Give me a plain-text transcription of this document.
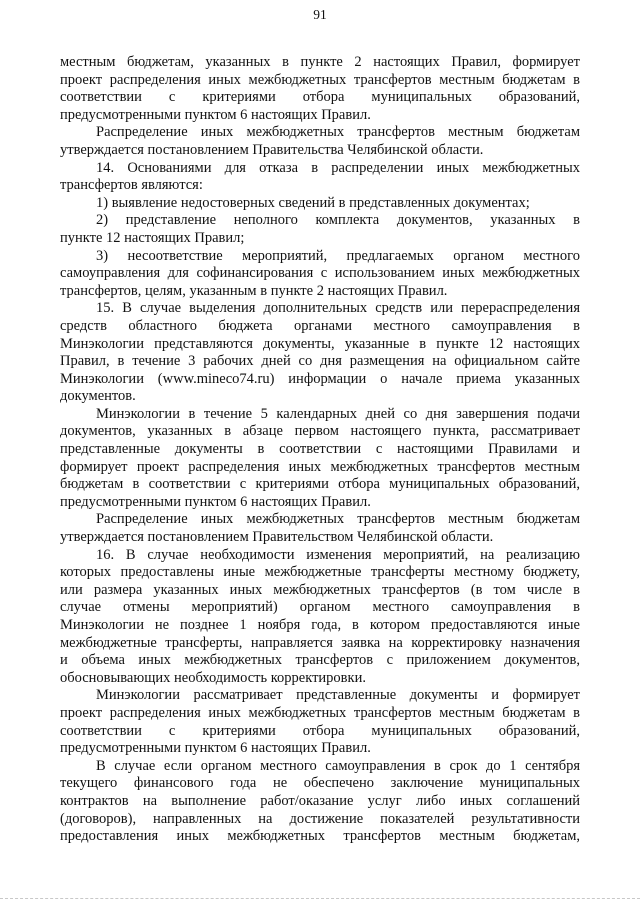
91

местным бюджетам, указанных в пункте 2 настоящих Правил, формирует
проект распределения иных межбюджетных трансфертов местным бюджетам в
соответствии с критериями отбора муниципальных образований,
предусмотренными пунктом 6 настоящих Правил.

Распределение иных межбюджетных трансфертов местным бюджетам
утверждается постановлением Правительства Челябинской области.

14. Основаниями для отказа в распределении иных межбюджетных
трансфертов являются:

1) выявление недостоверных сведений в представленных документах;

2) представление неполного комплекта документов, указанных в
пункте 12 настоящих Правил;

3) несоответствие мероприятий, предлагаемых органом местного
самоуправления для софинансирования с использованием иных межбюджетных
трансфертов, целям, указанным в пункте 2 настоящих Правил.

15. В случае выделения дополнительных средств или перераспределения
средств областного бюджета органами местного самоуправления в
Минэкологии представляются документы, указанные в пункте 12 настоящих
Правил, в течение 3 рабочих дней со дня размещения на официальном сайте
Минэкологии (www.mineco74.ru) информации о начале приема указанных
документов.

Минэкологии в течение 5 календарных дней со дня завершения подачи
документов, указанных в абзаце первом настоящего пункта, рассматривает
представленные документы в соответствии с настоящими Правилами и
формирует проект распределения иных межбюджетных трансфертов местным
бюджетам в соответствии с критериями отбора муниципальных образований,
предусмотренными пунктом 6 настоящих Правил.

Распределение иных межбюджетных трансфертов местным бюджетам
утверждается постановлением Правительством Челябинской области.

16. В случае необходимости изменения мероприятий, на реализацию
которых предоставлены иные межбюджетные трансферты местному бюджету,
или размера указанных иных межбюджетных трансфертов (в том числе в
случае отмены мероприятий) органом местного самоуправления в
Минэкологии не позднее 1 ноября года, в котором предоставляются иные
межбюджетные трансферты, направляется заявка на корректировку назначения
и объема иных межбюджетных трансфертов с приложением документов,
обосновывающих необходимость корректировки.

Минэкологии рассматривает представленные документы и формирует
проект распределения иных межбюджетных трансфертов местным бюджетам в
соответствии с критериями отбора муниципальных образований,
предусмотренными пунктом 6 настоящих Правил.

В случае если органом местного самоуправления в срок до 1 сентября
текущего финансового года не обеспечено заключение муниципальных
контрактов на выполнение работ/оказание услуг либо иных соглашений
(договоров), направленных на достижение показателей результативности
предоставления иных межбюджетных трансфертов местным бюджетам,
